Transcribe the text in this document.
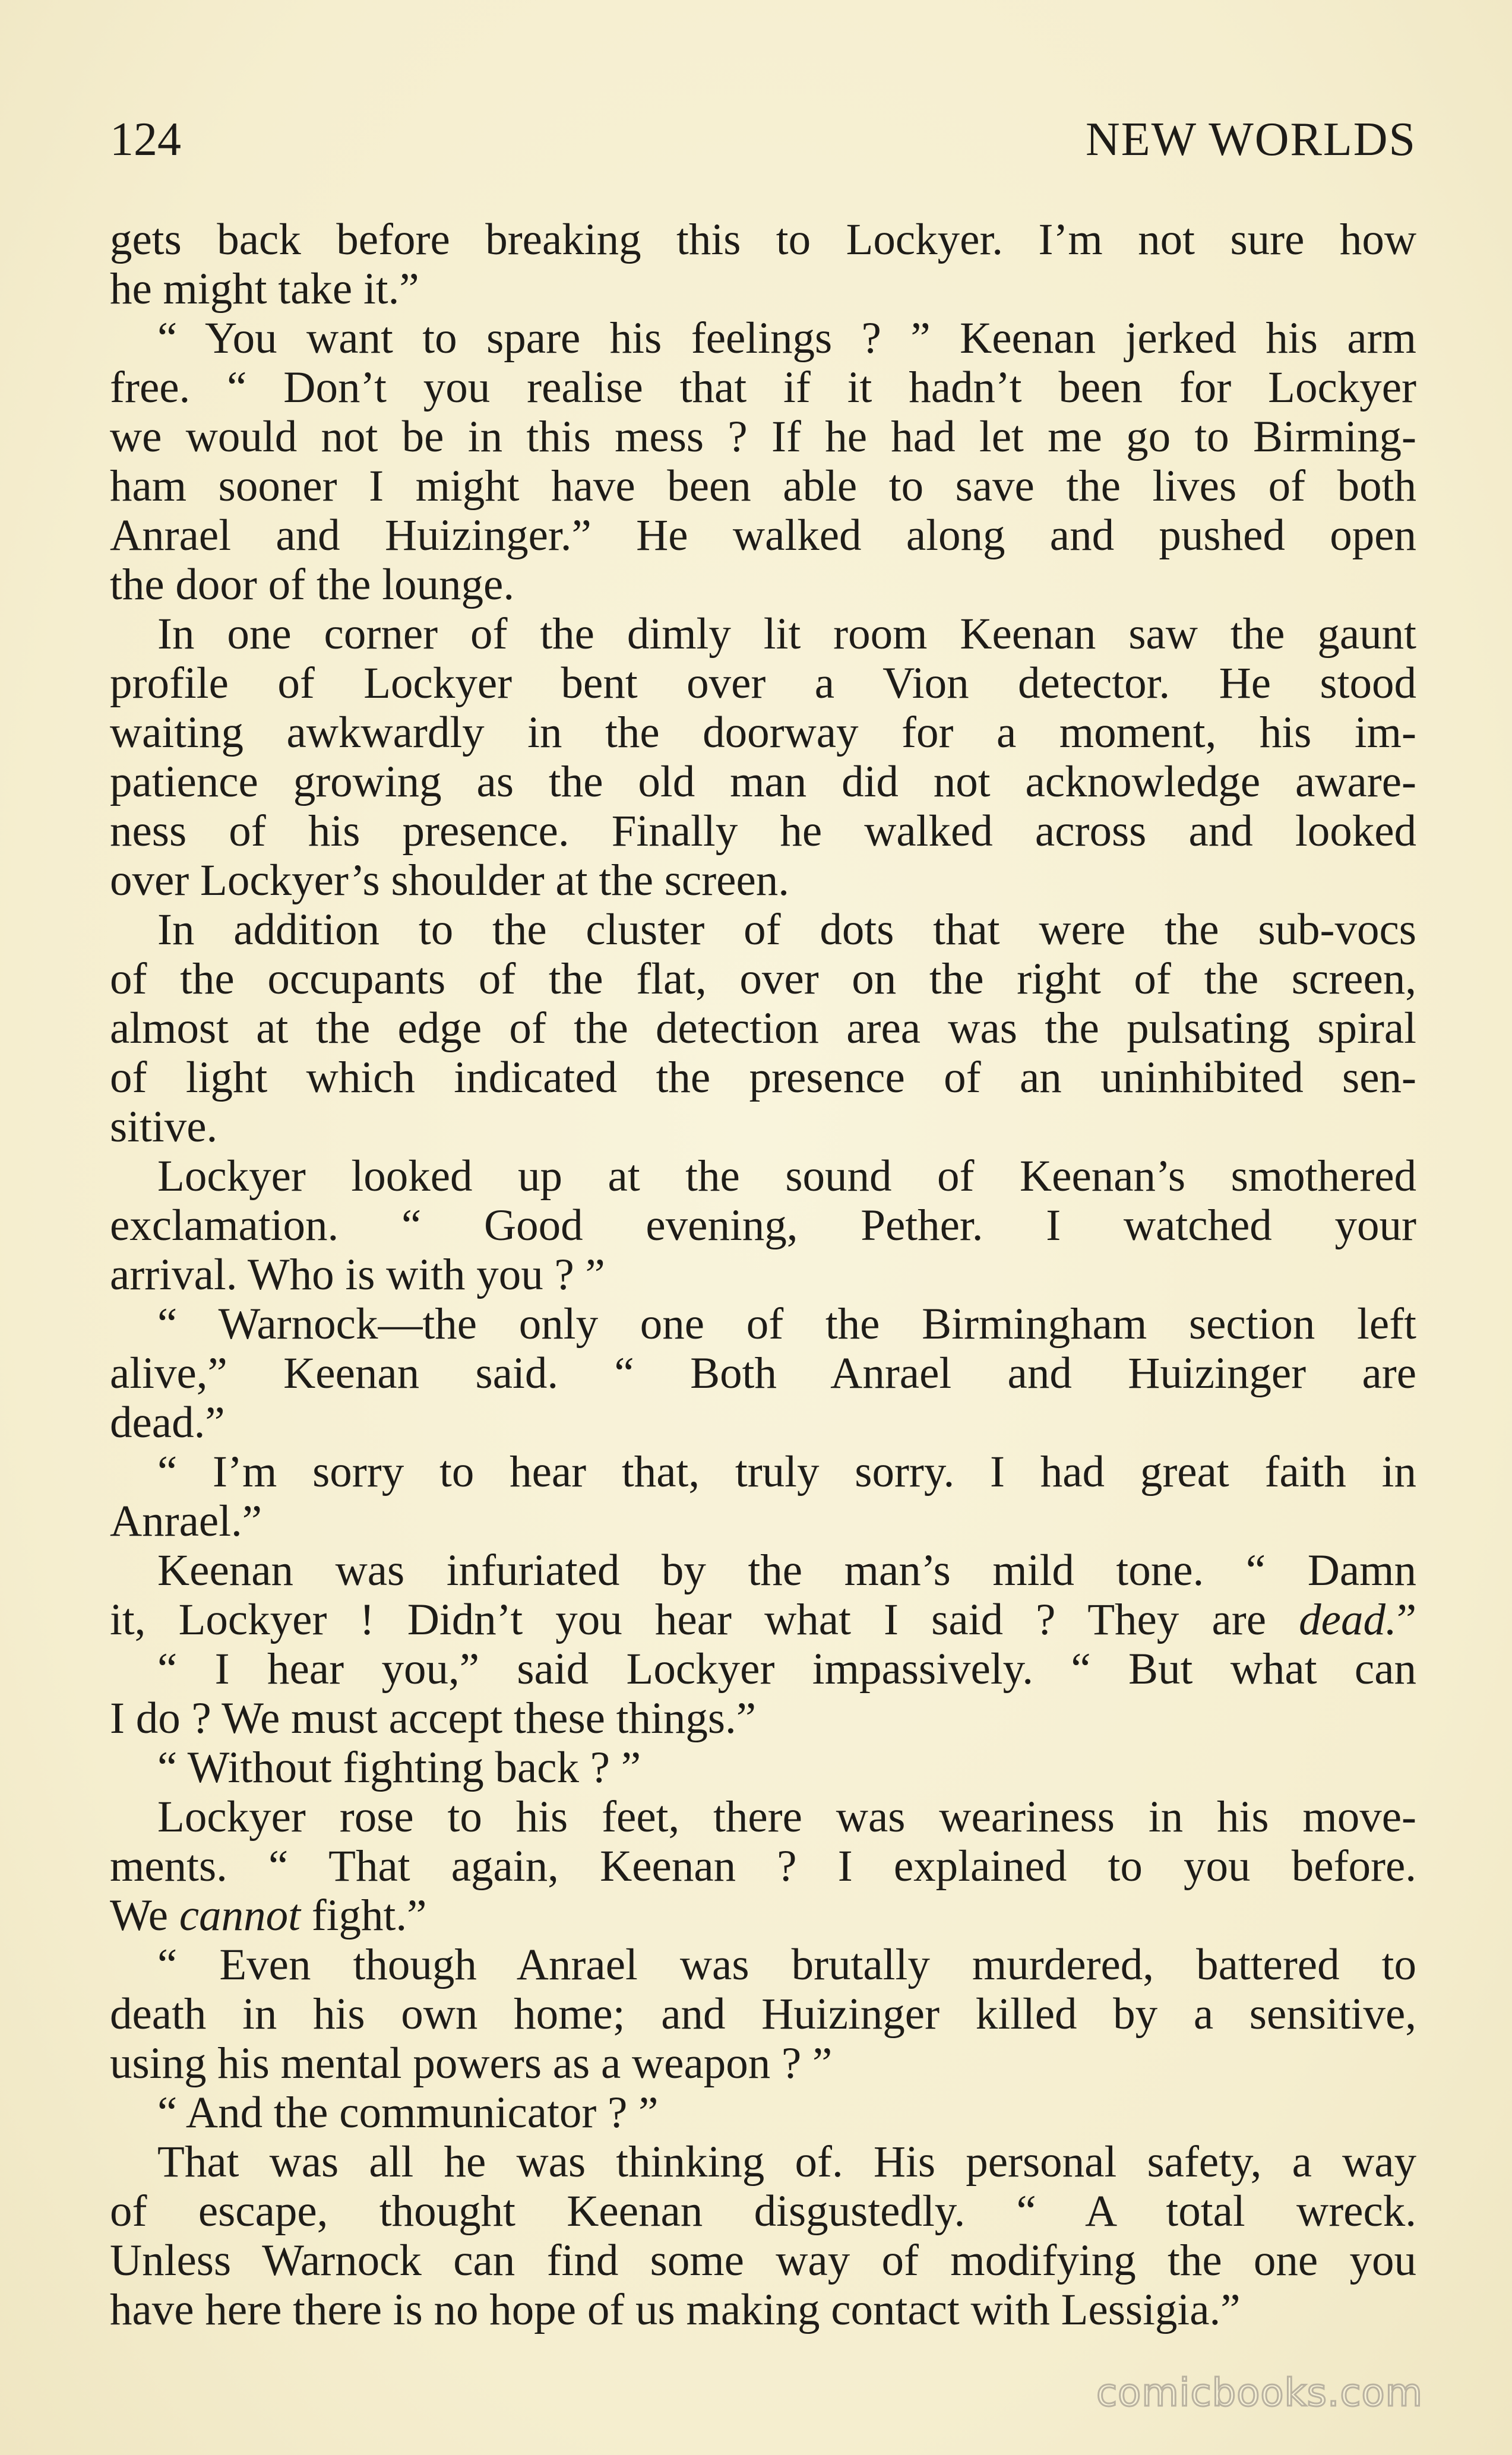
124	NEW WORLDS
gets back before breaking this to Lockyer. I’m not sure how
he might take it.”
“ You want to spare his feelings ? ” Keenan jerked his arm
free. “ Don’t you realise that if it hadn’t been for Lockyer
we would not be in this mess ? If he had let me go to Birming-
ham sooner I might have been able to save the lives of both
Anrael and Huizinger.” He walked along and pushed open
the door of the lounge.
In one corner of the dimly lit room Keenan saw the gaunt
profile of Lockyer bent over a Vion detector. He stood
waiting awkwardly in the doorway for a moment, his im-
patience growing as the old man did not acknowledge aware-
ness of his presence. Finally he walked across and looked
over Lockyer’s shoulder at the screen.
In addition to the cluster of dots that were the sub-vocs
of the occupants of the flat, over on the right of the screen,
almost at the edge of the detection area was the pulsating spiral
of light which indicated the presence of an uninhibited sen-
sitive.
Lockyer looked up at the sound of Keenan’s smothered
exclamation. “ Good evening, Pether. I watched your
arrival. Who is with you ? ”
“ Warnock—the only one of the Birmingham section left
alive,” Keenan said. “ Both Anrael and Huizinger are
dead.”
“ I’m sorry to hear that, truly sorry. I had great faith in
Anrael.”
Keenan was infuriated by the man’s mild tone. “ Damn
it, Lockyer ! Didn’t you hear what I said ? They are dead.”
“ I hear you,” said Lockyer impassively. “ But what can
I do ? We must accept these things.”
“ Without fighting back ? ”
Lockyer rose to his feet, there was weariness in his move-
ments. “ That again, Keenan ? I explained to you before.
We cannot fight.”
“ Even though Anrael was brutally murdered, battered to
death in his own home; and Huizinger killed by a sensitive,
using his mental powers as a weapon ? ”
“ And the communicator ? ”
That was all he was thinking of. His personal safety, a way
of escape, thought Keenan disgustedly. “ A total wreck.
Unless Warnock can find some way of modifying the one you
have here there is no hope of us making contact with Lessigia.”
comicbooks.com
